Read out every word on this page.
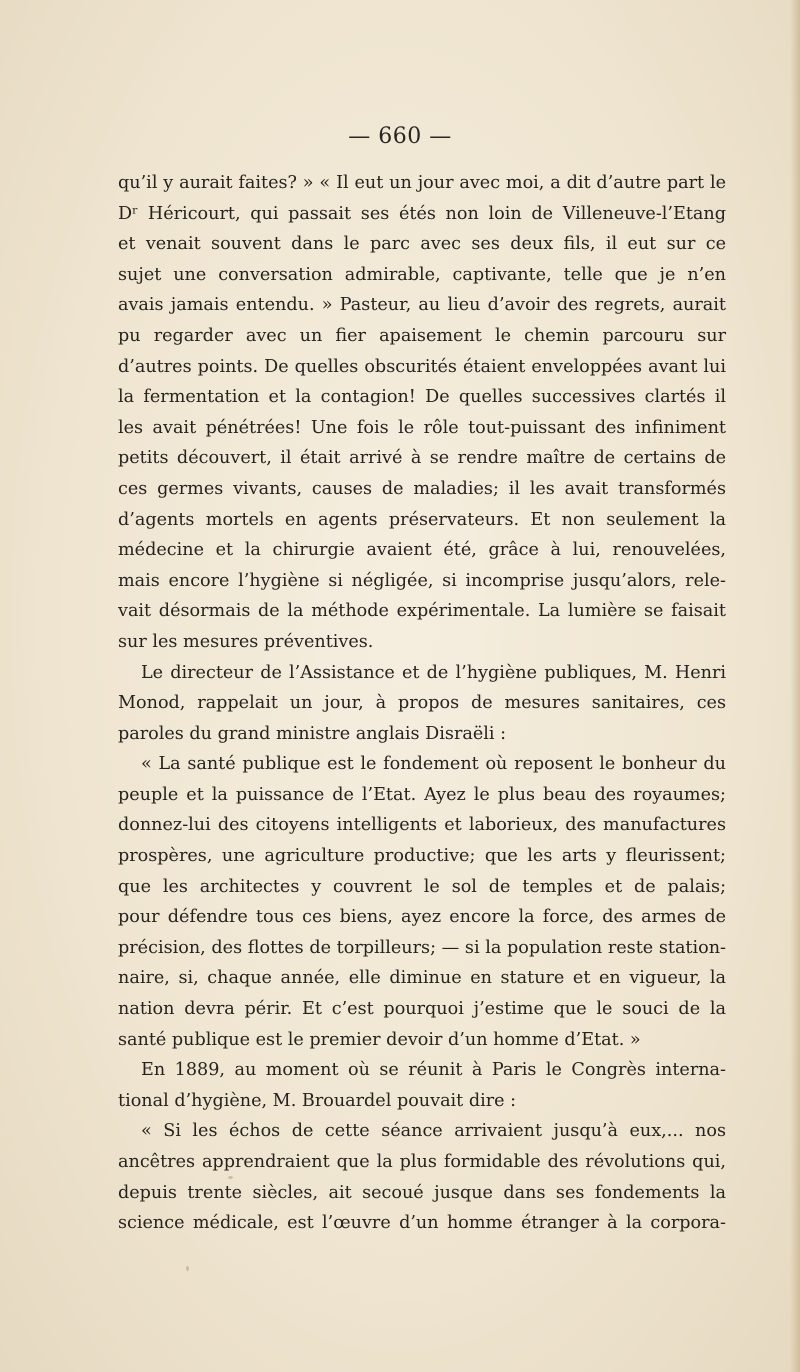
— 660 —
qu’il y aurait faites? » « Il eut un jour avec moi, a dit d’autre part le
Dʳ Héricourt, qui passait ses étés non loin de Villeneuve-l’Etang
et venait souvent dans le parc avec ses deux fils, il eut sur ce
sujet une conversation admirable, captivante, telle que je n’en
avais jamais entendu. » Pasteur, au lieu d’avoir des regrets, aurait
pu regarder avec un fier apaisement le chemin parcouru sur
d’autres points. De quelles obscurités étaient enveloppées avant lui
la fermentation et la contagion! De quelles successives clartés il
les avait pénétrées! Une fois le rôle tout-puissant des infiniment
petits découvert, il était arrivé à se rendre maître de certains de
ces germes vivants, causes de maladies; il les avait transformés
d’agents mortels en agents préservateurs. Et non seulement la
médecine et la chirurgie avaient été, grâce à lui, renouvelées,
mais encore l’hygiène si négligée, si incomprise jusqu’alors, rele-
vait désormais de la méthode expérimentale. La lumière se faisait
sur les mesures préventives.
Le directeur de l’Assistance et de l’hygiène publiques, M. Henri
Monod, rappelait un jour, à propos de mesures sanitaires, ces
paroles du grand ministre anglais Disraëli :
« La santé publique est le fondement où reposent le bonheur du
peuple et la puissance de l’Etat. Ayez le plus beau des royaumes;
donnez-lui des citoyens intelligents et laborieux, des manufactures
prospères, une agriculture productive; que les arts y fleurissent;
que les architectes y couvrent le sol de temples et de palais;
pour défendre tous ces biens, ayez encore la force, des armes de
précision, des flottes de torpilleurs; — si la population reste station-
naire, si, chaque année, elle diminue en stature et en vigueur, la
nation devra périr. Et c’est pourquoi j’estime que le souci de la
santé publique est le premier devoir d’un homme d’Etat. »
En 1889, au moment où se réunit à Paris le Congrès interna-
tional d’hygiène, M. Brouardel pouvait dire :
« Si les échos de cette séance arrivaient jusqu’à eux,... nos
ancêtres apprendraient que la plus formidable des révolutions qui,
depuis trente siècles, ait secoué jusque dans ses fondements la
science médicale, est l’œuvre d’un homme étranger à la corpora-
